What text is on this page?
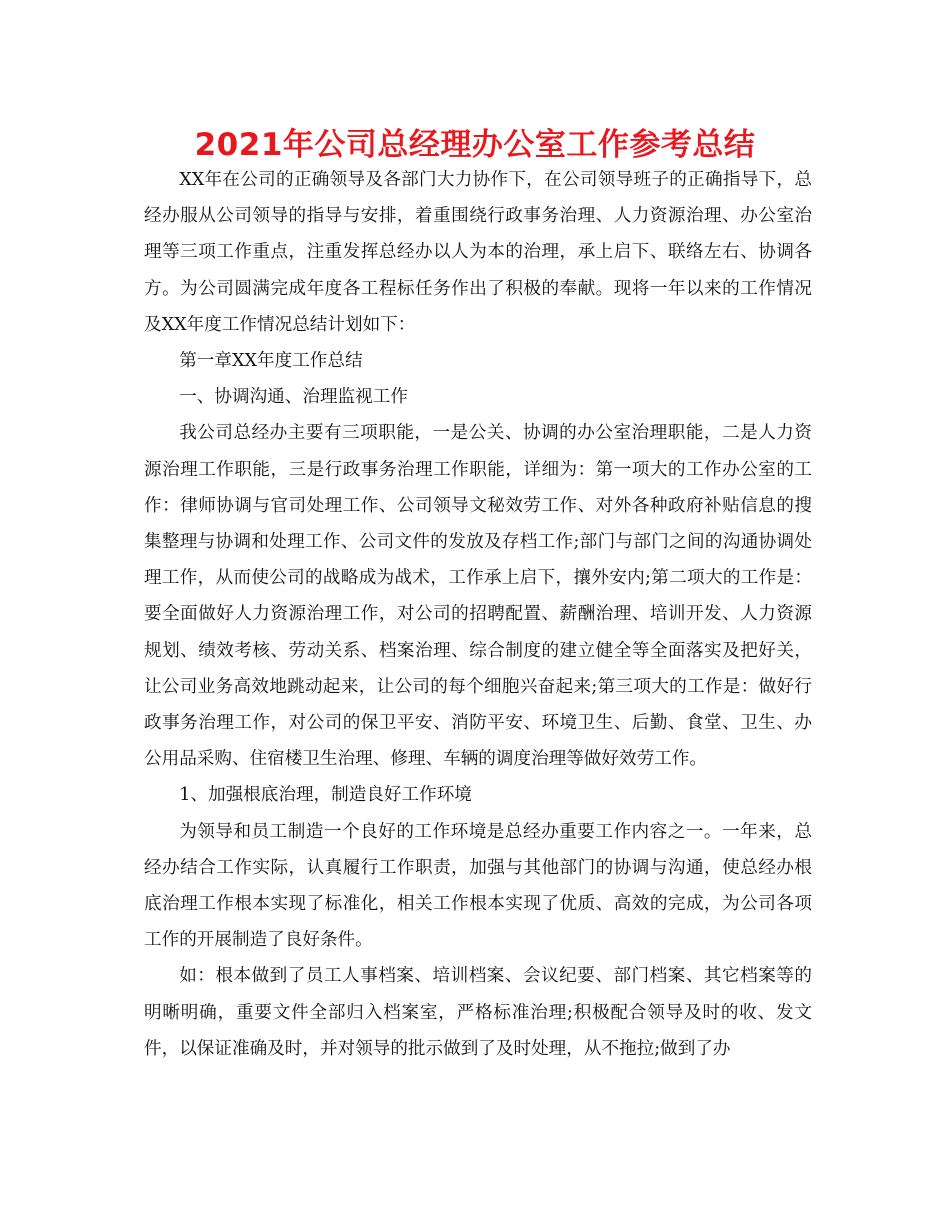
2021年公司总经理办公室工作参考总结

XX年在公司的正确领导及各部门大力协作下，在公司领导班子的正确指导下，总经办服从公司领导的指导与安排，着重围绕行政事务治理、人力资源治理、办公室治理等三项工作重点，注重发挥总经办以人为本的治理，承上启下、联络左右、协调各方。为公司圆满完成年度各工程标任务作出了积极的奉献。现将一年以来的工作情况及XX年度工作情况总结计划如下：

第一章XX年度工作总结

一、协调沟通、治理监视工作

我公司总经办主要有三项职能，一是公关、协调的办公室治理职能，二是人力资源治理工作职能，三是行政事务治理工作职能，详细为：第一项大的工作办公室的工作：律师协调与官司处理工作、公司领导文秘效劳工作、对外各种政府补贴信息的搜集整理与协调和处理工作、公司文件的发放及存档工作;部门与部门之间的沟通协调处理工作，从而使公司的战略成为战术，工作承上启下，攘外安内;第二项大的工作是：要全面做好人力资源治理工作，对公司的招聘配置、薪酬治理、培训开发、人力资源规划、绩效考核、劳动关系、档案治理、综合制度的建立健全等全面落实及把好关，让公司业务高效地跳动起来，让公司的每个细胞兴奋起来;第三项大的工作是：做好行政事务治理工作，对公司的保卫平安、消防平安、环境卫生、后勤、食堂、卫生、办公用品采购、住宿楼卫生治理、修理、车辆的调度治理等做好效劳工作。

1、加强根底治理，制造良好工作环境

为领导和员工制造一个良好的工作环境是总经办重要工作内容之一。一年来，总经办结合工作实际，认真履行工作职责，加强与其他部门的协调与沟通，使总经办根底治理工作根本实现了标准化，相关工作根本实现了优质、高效的完成，为公司各项工作的开展制造了良好条件。

如：根本做到了员工人事档案、培训档案、会议纪要、部门档案、其它档案等的明晰明确，重要文件全部归入档案室，严格标准治理;积极配合领导及时的收、发文件，以保证准确及时，并对领导的批示做到了及时处理，从不拖拉;做到了办
